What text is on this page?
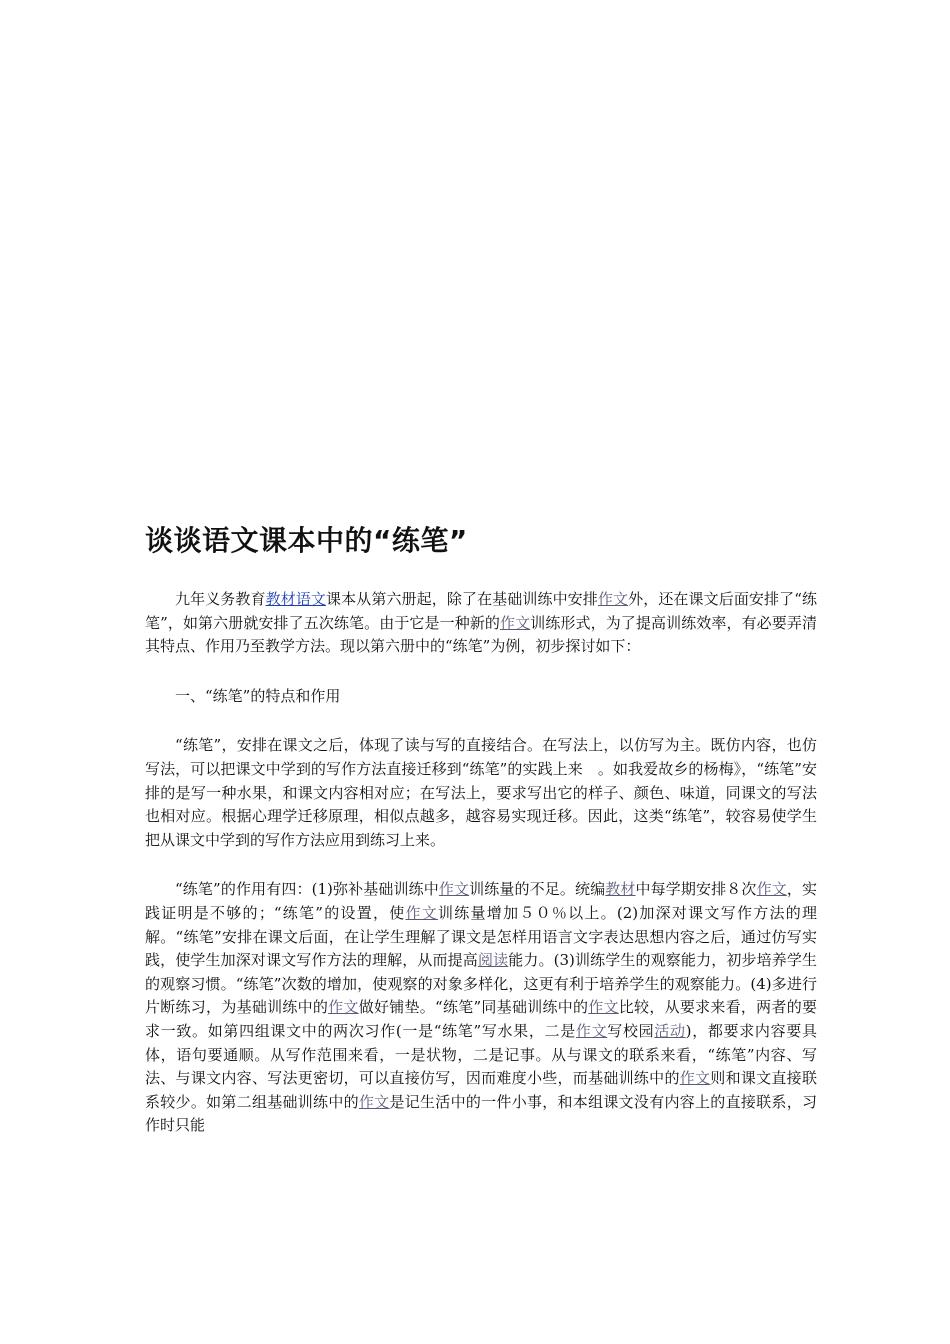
谈谈语文课本中的“练笔”

九年义务教育教材语文课本从第六册起，除了在基础训练中安排作文外，还在课文后面安排了“练笔”，如第六册就安排了五次练笔。由于它是一种新的作文训练形式，为了提高训练效率，有必要弄清其特点、作用乃至教学方法。现以第六册中的“练笔”为例，初步探讨如下：

一、“练笔”的特点和作用

“练笔”，安排在课文之后，体现了读与写的直接结合。在写法上，以仿写为主。既仿内容，也仿写法，可以把课文中学到的写作方法直接迁移到“练笔”的实践上来　。如我爱故乡的杨梅》，“练笔”安排的是写一种水果，和课文内容相对应；在写法上，要求写出它的样子、颜色、味道，同课文的写法也相对应。根据心理学迁移原理，相似点越多，越容易实现迁移。因此，这类“练笔”，较容易使学生把从课文中学到的写作方法应用到练习上来。

“练笔”的作用有四：(1)弥补基础训练中作文训练量的不足。统编教材中每学期安排８次作文，实践证明是不够的；“练笔”的设置，使作文训练量增加５０％以上。(2)加深对课文写作方法的理解。“练笔”安排在课文后面，在让学生理解了课文是怎样用语言文字表达思想内容之后，通过仿写实践，使学生加深对课文写作方法的理解，从而提高阅读能力。(3)训练学生的观察能力，初步培养学生的观察习惯。“练笔”次数的增加，使观察的对象多样化，这更有利于培养学生的观察能力。(4)多进行片断练习，为基础训练中的作文做好铺垫。“练笔”同基础训练中的作文比较，从要求来看，两者的要求一致。如第四组课文中的两次习作(一是“练笔”写水果，二是作文写校园活动)，都要求内容要具体，语句要通顺。从写作范围来看，一是状物，二是记事。从与课文的联系来看，“练笔”内容、写法、与课文内容、写法更密切，可以直接仿写，因而难度小些，而基础训练中的作文则和课文直接联系较少。如第二组基础训练中的作文是记生活中的一件小事，和本组课文没有内容上的直接联系，习作时只能
